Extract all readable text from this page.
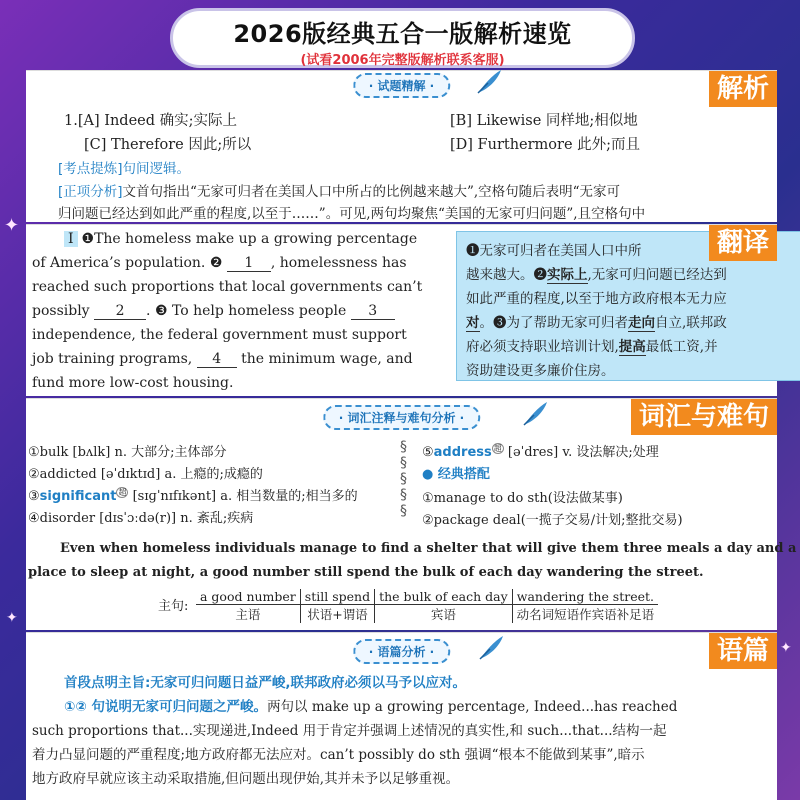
✦
✦
✦
2026版经典五合一版解析速览
(试看2006年完整版解析联系客服)
解析
· 试题精解 ·
1.[A] Indeed 确实;实际上	[B] Likewise 同样地;相似地
[C] Therefore 因此;所以	[D] Furthermore 此外;而且
[考点提炼]句间逻辑。
[正项分析]文首句指出“无家可归者在美国人口中所占的比例越来越大”,空格句随后表明“无家可
归问题已经达到如此严重的程度,以至于……”。可见,两句均聚焦“美国的无家可归问题”,且空格句中
翻译
I ❶The homeless make up a growing percentage
of America’s population. ❷ 1 , homelessness has
reached such proportions that local governments can’t
possibly 2 . ❸ To help homeless people 3
independence, the federal government must support
job training programs, 4 the minimum wage, and
fund more low-cost housing.
❶无家可归者在美国人口中所
越来越大。❷实际上,无家可归问题已经达到
如此严重的程度,以至于地方政府根本无力应
对。❸为了帮助无家可归者走向自立,联邦政
府必须支持职业培训计划,提高最低工资,并
资助建设更多廉价住房。
词汇与难句
· 词汇注释与难句分析 ·
①bulk [bʌlk] n. 大部分;主体部分
②addicted [əˈdɪktɪd] a. 上瘾的;成瘾的
③significant $^超$ [sɪɡˈnɪfɪkənt] a. 相当数量的;相当多的
④disorder [dɪsˈɔːdə(r)] n. 紊乱;疾病
§
§
§
§
§
⑤address $^超$ [əˈdres] v. 设法解决;处理
● 经典搭配
①manage to do sth(设法做某事)
②package deal(一揽子交易/计划;整批交易)
Even when homeless individuals manage to find a shelter that will give them three meals a day and a
place to sleep at night, a good number still spend the bulk of each day wandering the street.
主句:
a good number	still spend	the bulk of each day	wandering the street.
主语	状语+谓语	宾语	动名词短语作宾语补足语
语篇
· 语篇分析 ·
首段点明主旨:无家可归问题日益严峻,联邦政府必须以马予以应对。
①② 句说明无家可归问题之严峻。两句以 make up a growing percentage, Indeed...has reached
such proportions that...实现递进,Indeed 用于肯定并强调上述情况的真实性,和 such...that...结构一起
着力凸显问题的严重程度;地方政府都无法应对。can’t possibly do sth 强调“根本不能做到某事”,暗示
地方政府早就应该主动采取措施,但问题出现伊始,其并未予以足够重视。
